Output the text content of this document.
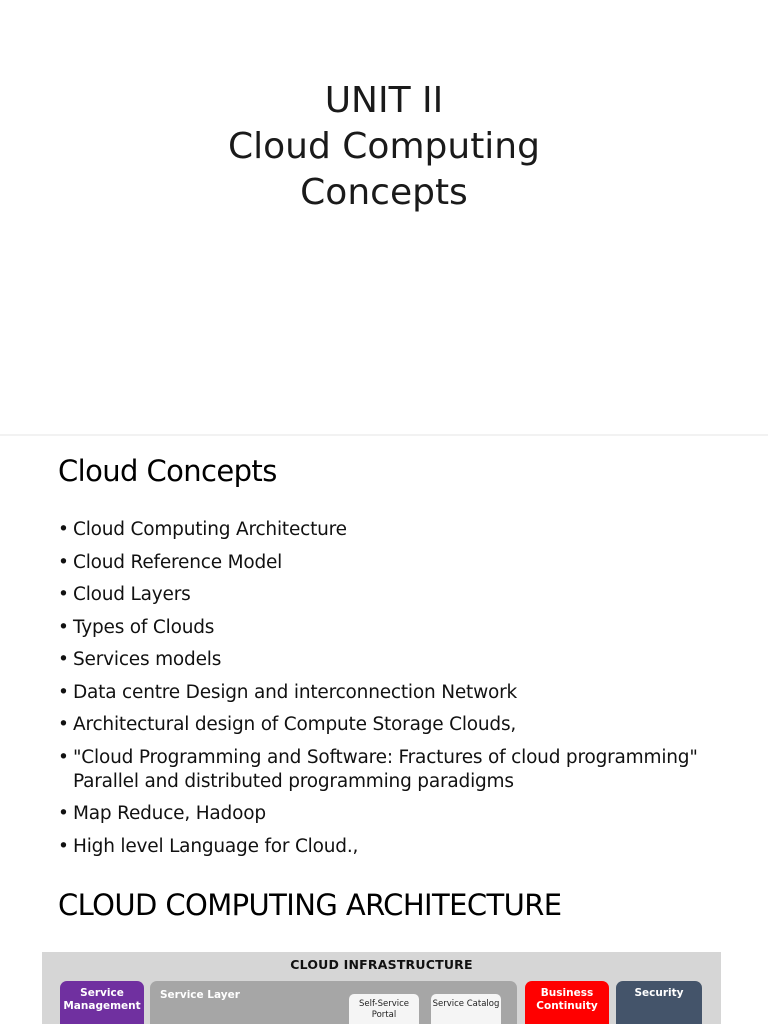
UNIT II
Cloud Computing
Concepts
Cloud Concepts
• Cloud Computing Architecture
• Cloud Reference Model
• Cloud Layers
• Types of Clouds
• Services models
• Data centre Design and interconnection Network
• Architectural design of Compute Storage Clouds,
• "Cloud Programming and Software: Fractures of cloud programming" Parallel and distributed programming paradigms
• Map Reduce, Hadoop
• High level Language for Cloud.,
CLOUD COMPUTING ARCHITECTURE
CLOUD INFRASTRUCTURE
Service Management
Service Layer
Self-Service Portal
Service Catalog
Business Continuity
Security
